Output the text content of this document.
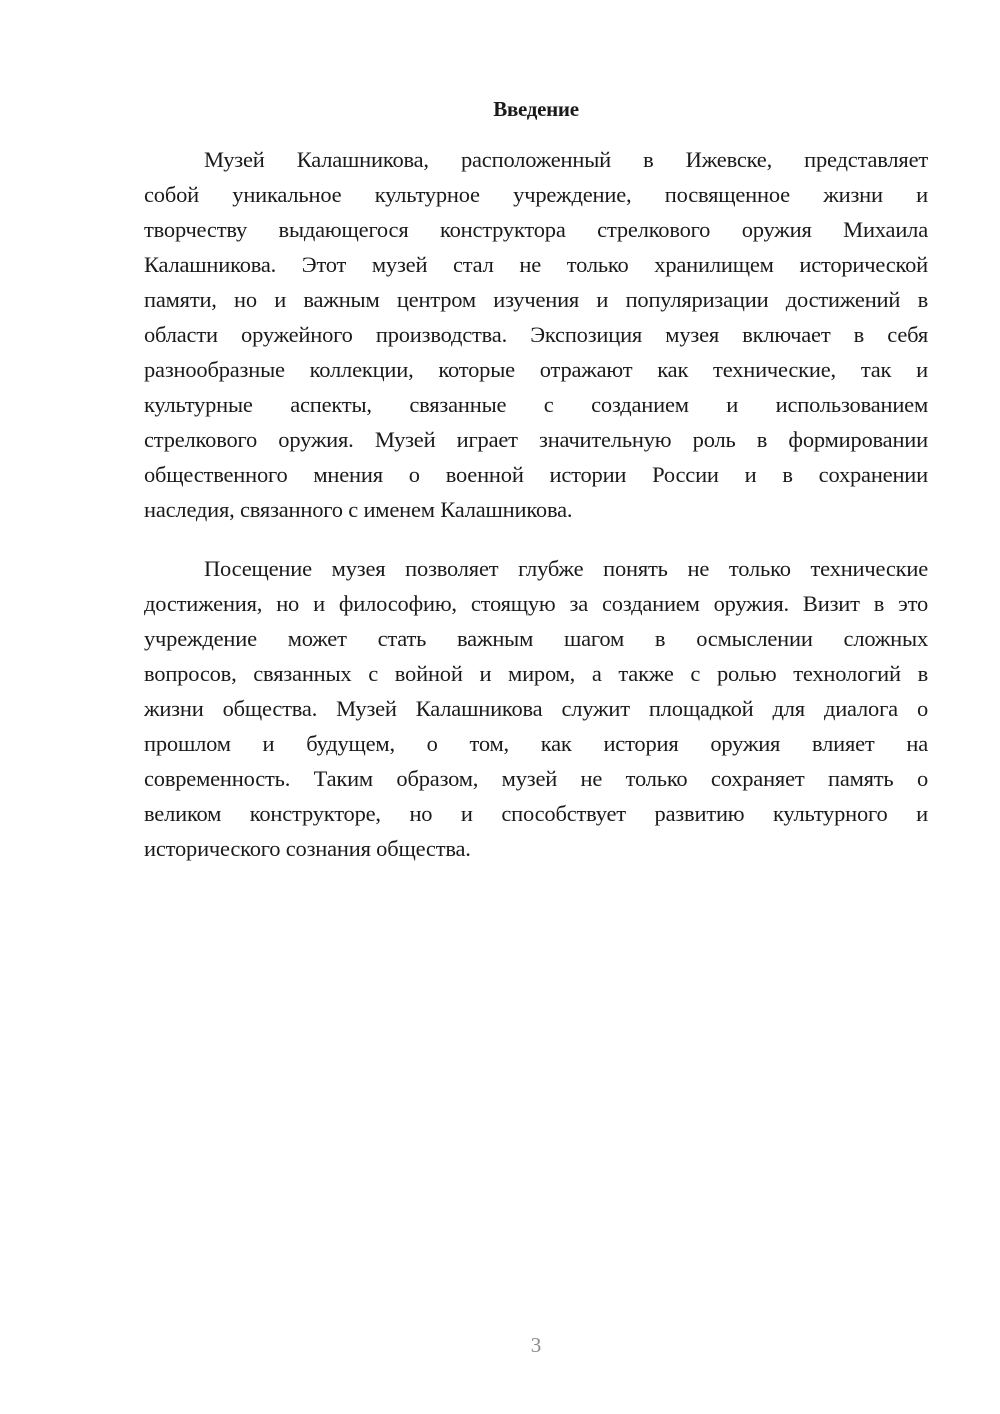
Введение
Музей Калашникова, расположенный в Ижевске, представляет
собой уникальное культурное учреждение, посвященное жизни и
творчеству выдающегося конструктора стрелкового оружия Михаила
Калашникова. Этот музей стал не только хранилищем исторической
памяти, но и важным центром изучения и популяризации достижений в
области оружейного производства. Экспозиция музея включает в себя
разнообразные коллекции, которые отражают как технические, так и
культурные аспекты, связанные с созданием и использованием
стрелкового оружия. Музей играет значительную роль в формировании
общественного мнения о военной истории России и в сохранении
наследия, связанного с именем Калашникова.
Посещение музея позволяет глубже понять не только технические
достижения, но и философию, стоящую за созданием оружия. Визит в это
учреждение может стать важным шагом в осмыслении сложных
вопросов, связанных с войной и миром, а также с ролью технологий в
жизни общества. Музей Калашникова служит площадкой для диалога о
прошлом и будущем, о том, как история оружия влияет на
современность. Таким образом, музей не только сохраняет память о
великом конструкторе, но и способствует развитию культурного и
исторического сознания общества.
3
